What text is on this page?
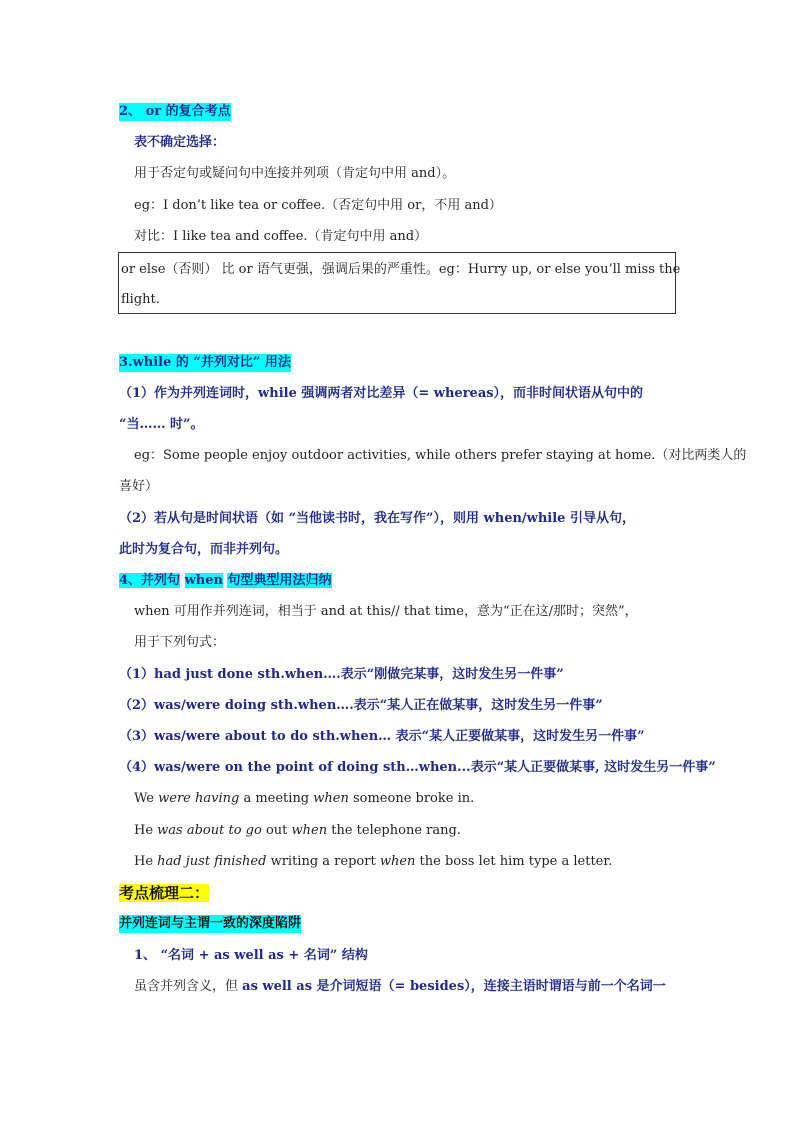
2、 or 的复合考点
表不确定选择：
用于否定句或疑问句中连接并列项（肯定句中用 and）。
eg：I don’t like tea or coffee.（否定句中用 or，不用 and）
对比：I like tea and coffee.（肯定句中用 and）
or else（否则） 比 or 语气更强，强调后果的严重性。eg：Hurry up, or else you’ll miss the
flight.
3.while 的 “并列对比” 用法
（1）作为并列连词时，while 强调两者对比差异（= whereas），而非时间状语从句中的
“当…… 时”。
eg：Some people enjoy outdoor activities, while others prefer staying at home.（对比两类人的
喜好）
（2）若从句是时间状语（如 “当他读书时，我在写作”），则用 when/while 引导从句，
此时为复合句，而非并列句。
4、并列句 when 句型典型用法归纳
when 可用作并列连词，相当于 and at this// that time，意为“正在这/那时；突然”，
用于下列句式：
（1）had just done sth.when….表示“刚做完某事，这时发生另一件事”
（2）was/were doing sth.when….表示“某人正在做某事，这时发生另一件事”
（3）was/were about to do sth.when… 表示“某人正要做某事，这时发生另一件事”
（4）was/were on the point of doing sth…when...表示“某人正要做某事, 这时发生另一件事”
We were having a meeting when someone broke in.
He was about to go out when the telephone rang.
He had just finished writing a report when the boss let him type a letter.
考点梳理二：
并列连词与主谓一致的深度陷阱
1、 “名词 + as well as + 名词” 结构
虽含并列含义，但 as well as 是介词短语（= besides），连接主语时谓语与前一个名词一
